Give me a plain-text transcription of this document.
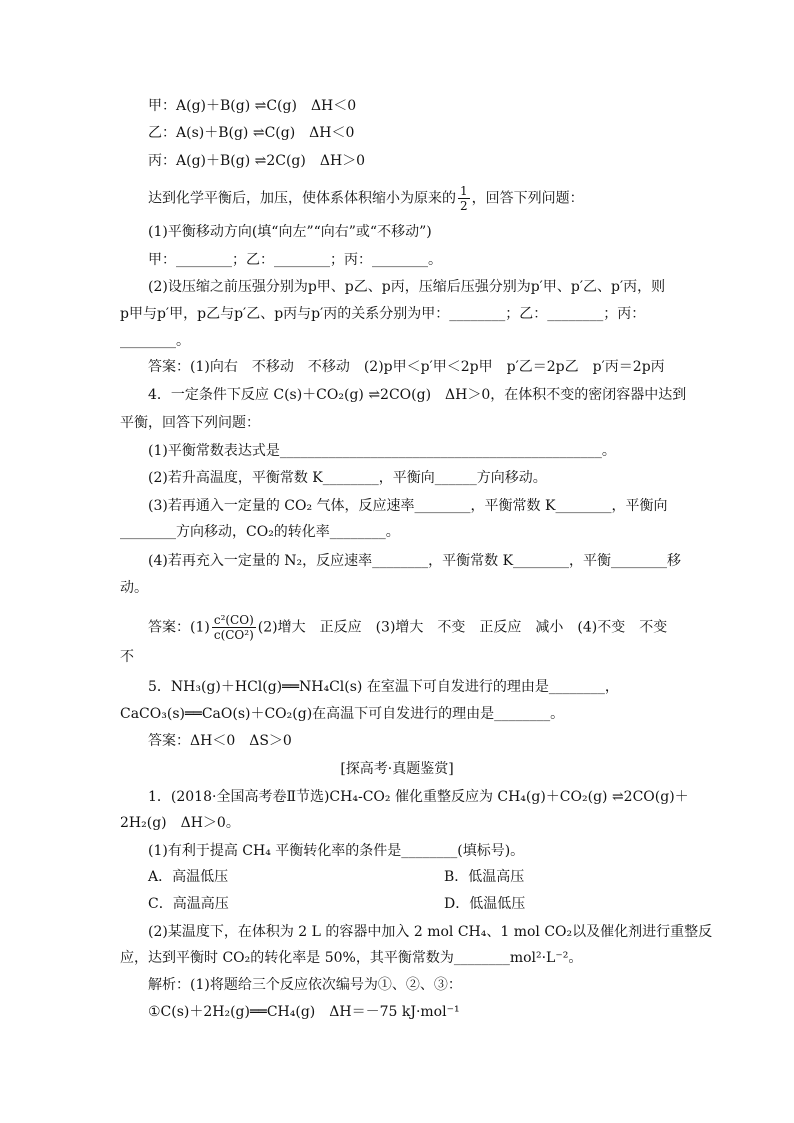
甲：A(g)＋B(g) ⇌C(g)　ΔH＜0
乙：A(s)＋B(g) ⇌C(g)　ΔH＜0
丙：A(g)＋B(g) ⇌2C(g)　ΔH＞0
达到化学平衡后，加压，使体系体积缩小为原来的 $\frac{1}{2}$ ，回答下列问题：
(1)平衡移动方向(填“向左”“向右”或“不移动”)
甲：________；乙：________；丙：________。
(2)设压缩之前压强分别为p甲、p乙、p丙，压缩后压强分别为p′甲、p′乙、p′丙，则
p甲与p′甲，p乙与p′乙、p丙与p′丙的关系分别为甲：________；乙：________；丙：
________。
答案：(1)向右　不移动　不移动　(2)p甲＜p′甲＜2p甲　p′乙＝2p乙　p′丙＝2p丙
4．一定条件下反应 C(s)＋CO₂(g) ⇌2CO(g)　ΔH＞0，在体积不变的密闭容器中达到
平衡，回答下列问题：
(1)平衡常数表达式是______________________________________________。
(2)若升高温度，平衡常数 K________，平衡向______方向移动。
(3)若再通入一定量的 CO₂ 气体，反应速率________，平衡常数 K________，平衡向
________方向移动，CO₂的转化率________。
(4)若再充入一定量的 N₂，反应速率________，平衡常数 K________，平衡________移
动。
答案：$(1) \frac{\text{c²(CO)}}{\text{c(CO²)}} (2)$增大　正反应　(3)增大　不变　正反应　减小　(4)不变　不变
不
5．NH₃(g)＋HCl(g)══NH₄Cl(s) 在室温下可自发进行的理由是________，
CaCO₃(s)══CaO(s)＋CO₂(g)在高温下可自发进行的理由是________。
答案：ΔH＜0　ΔS＞0
[探高考·真题鉴赏]
1．(2018·全国高考卷Ⅱ节选)CH₄-CO₂ 催化重整反应为 CH₄(g)＋CO₂(g) ⇌2CO(g)＋
2H₂(g)　ΔH＞0。
(1)有利于提高 CH₄ 平衡转化率的条件是________(填标号)。
A．高温低压	B．低温高压
C．高温高压	D．低温低压
(2)某温度下，在体积为 2 L 的容器中加入 2 mol CH₄、1 mol CO₂以及催化剂进行重整反
应，达到平衡时 CO₂的转化率是 50%，其平衡常数为________mol²·L⁻²。
解析：(1)将题给三个反应依次编号为①、②、③：
①C(s)＋2H₂(g)══CH₄(g)　ΔH＝－75 kJ·mol⁻¹
